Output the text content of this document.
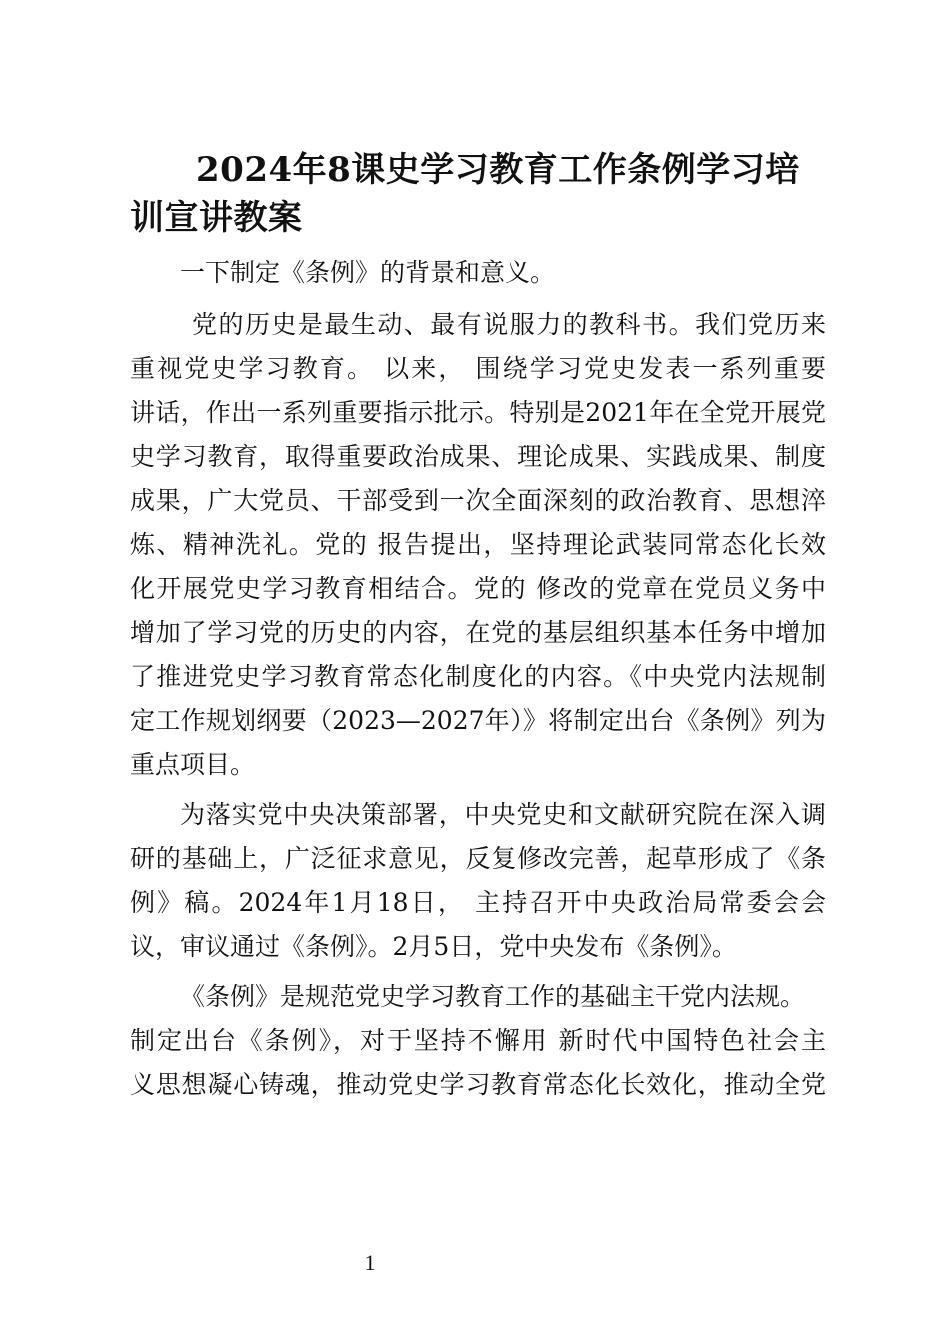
2024年8课史学习教育工作条例学习培
训宣讲教案
一下制定《条例》的背景和意义。
党的历史是最生动、最有说服力的教科书。我们党历来
重视党史学习教育。 以来， 围绕学习党史发表一系列重要
讲话，作出一系列重要指示批示。特别是2021年在全党开展党
史学习教育，取得重要政治成果、理论成果、实践成果、制度
成果，广大党员、干部受到一次全面深刻的政治教育、思想淬
炼、精神洗礼。党的 报告提出，坚持理论武装同常态化长效
化开展党史学习教育相结合。党的 修改的党章在党员义务中
增加了学习党的历史的内容，在党的基层组织基本任务中增加
了推进党史学习教育常态化制度化的内容。《中央党内法规制
定工作规划纲要（2023—2027年）》将制定出台《条例》列为
重点项目。
为落实党中央决策部署，中央党史和文献研究院在深入调
研的基础上，广泛征求意见，反复修改完善，起草形成了《条
例》稿。2024年1月18日， 主持召开中央政治局常委会会
议，审议通过《条例》。2月5日，党中央发布《条例》。
《条例》是规范党史学习教育工作的基础主干党内法规。
制定出台《条例》，对于坚持不懈用 新时代中国特色社会主
义思想凝心铸魂，推动党史学习教育常态化长效化，推动全党
1
